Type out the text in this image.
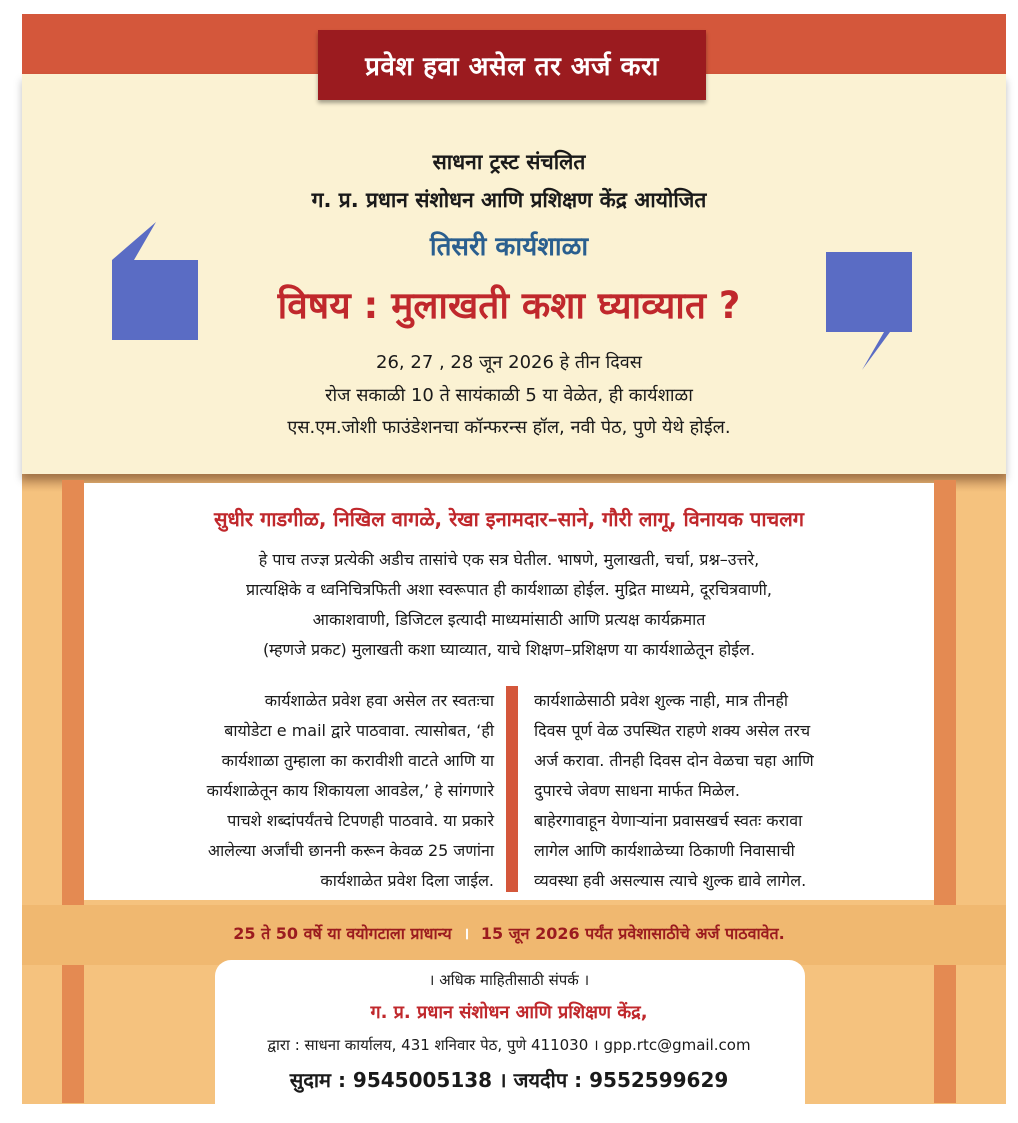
प्रवेश हवा असेल तर अर्ज करा
साधना ट्रस्ट संचलित
ग. प्र. प्रधान संशोधन आणि प्रशिक्षण केंद्र आयोजित
तिसरी कार्यशाळा
विषय : मुलाखती कशा घ्याव्यात ?
26, 27 , 28 जून 2026 हे तीन दिवस
रोज सकाळी 10 ते सायंकाळी 5 या वेळेत, ही कार्यशाळा
एस.एम.जोशी फाउंडेशनचा कॉन्फरन्स हॉल, नवी पेठ, पुणे येथे होईल.
सुधीर गाडगीळ, निखिल वागळे, रेखा इनामदार–साने, गौरी लागू, विनायक पाचलग
हे पाच तज्ज्ञ प्रत्येकी अडीच तासांचे एक सत्र घेतील. भाषणे, मुलाखती, चर्चा, प्रश्न–उत्तरे,
प्रात्यक्षिके व ध्वनिचित्रफिती अशा स्वरूपात ही कार्यशाळा होईल. मुद्रित माध्यमे, दूरचित्रवाणी,
आकाशवाणी, डिजिटल इत्यादी माध्यमांसाठी आणि प्रत्यक्ष कार्यक्रमात
(म्हणजे प्रकट) मुलाखती कशा घ्याव्यात, याचे शिक्षण–प्रशिक्षण या कार्यशाळेतून होईल.
कार्यशाळेत प्रवेश हवा असेल तर स्वतःचा
बायोडेटा e mail द्वारे पाठवावा. त्यासोबत, ‘ही
कार्यशाळा तुम्हाला का करावीशी वाटते आणि या
कार्यशाळेतून काय शिकायला आवडेल,’ हे सांगणारे
पाचशे शब्दांपर्यंतचे टिपणही पाठवावे. या प्रकारे
आलेल्या अर्जांची छाननी करून केवळ 25 जणांना
कार्यशाळेत प्रवेश दिला जाईल.
कार्यशाळेसाठी प्रवेश शुल्क नाही, मात्र तीनही
दिवस पूर्ण वेळ उपस्थित राहणे शक्य असेल तरच
अर्ज करावा. तीनही दिवस दोन वेळचा चहा आणि
दुपारचे जेवण साधना मार्फत मिळेल.
बाहेरगावाहून येणाऱ्यांना प्रवासखर्च स्वतः करावा
लागेल आणि कार्यशाळेच्या ठिकाणी निवासाची
व्यवस्था हवी असल्यास त्याचे शुल्क द्यावे लागेल.
25 ते 50 वर्षे या वयोगटाला प्राधान्य । 15 जून 2026 पर्यंत प्रवेशासाठीचे अर्ज पाठवावेत.
। अधिक माहितीसाठी संपर्क ।
ग. प्र. प्रधान संशोधन आणि प्रशिक्षण केंद्र,
द्वारा : साधना कार्यालय, 431 शनिवार पेठ, पुणे 411030 । gpp.rtc@gmail.com
सुदाम : 9545005138 । जयदीप : 9552599629
